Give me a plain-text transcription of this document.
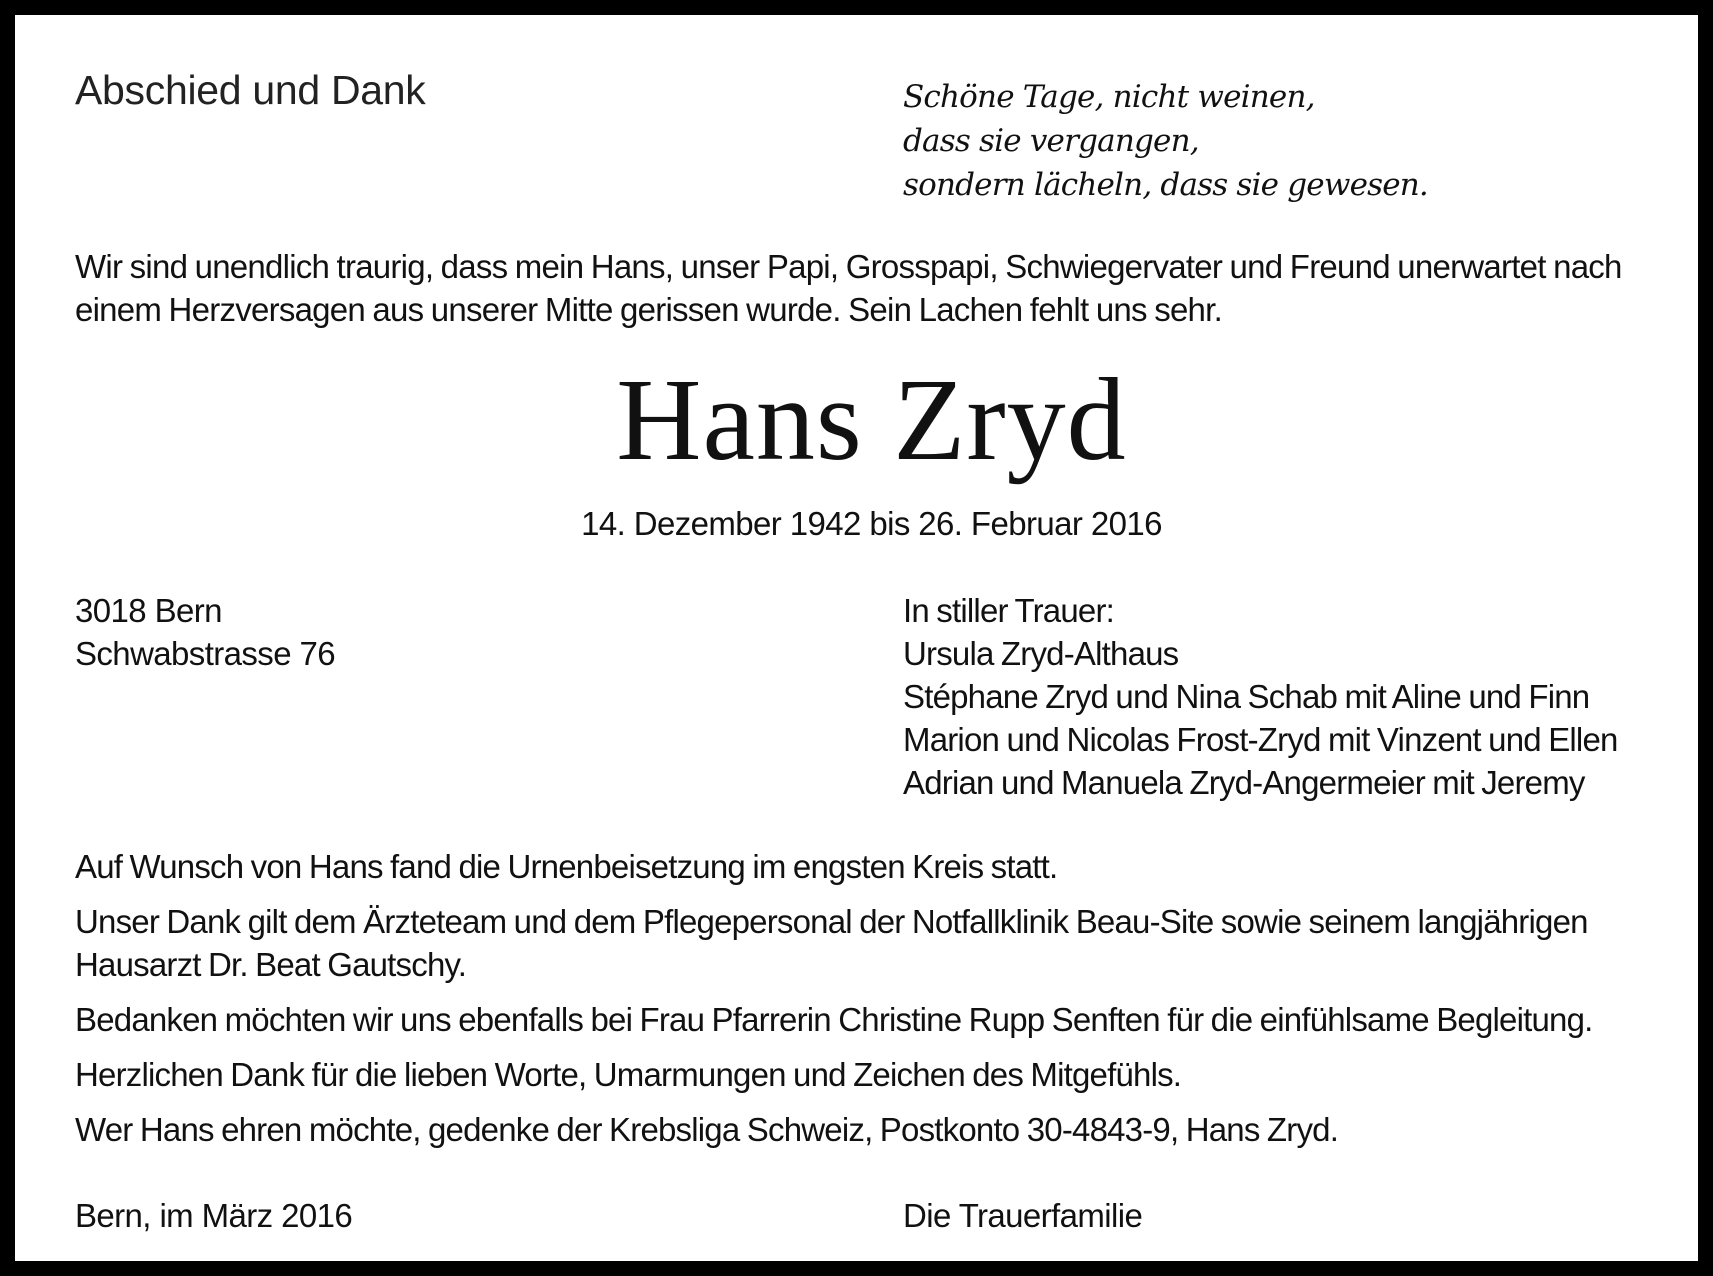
Abschied und Dank	Schöne Tage, nicht weinen,
dass sie vergangen,
sondern lächeln, dass sie gewesen.
Wir sind unendlich traurig, dass mein Hans, unser Papi, Grosspapi, Schwiegervater und Freund unerwartet nach
einem Herzversagen aus unserer Mitte gerissen wurde. Sein Lachen fehlt uns sehr.
Hans Zryd
14. Dezember 1942 bis 26. Februar 2016
3018 Bern
Schwabstrasse 76
In stiller Trauer:
Ursula Zryd-Althaus
Stéphane Zryd und Nina Schab mit Aline und Finn
Marion und Nicolas Frost-Zryd mit Vinzent und Ellen
Adrian und Manuela Zryd-Angermeier mit Jeremy

Auf Wunsch von Hans fand die Urnenbeisetzung im engsten Kreis statt.

Unser Dank gilt dem Ärzteteam und dem Pflegepersonal der Notfallklinik Beau-Site sowie seinem langjährigen
Hausarzt Dr. Beat Gautschy.

Bedanken möchten wir uns ebenfalls bei Frau Pfarrerin Christine Rupp Senften für die einfühlsame Begleitung.

Herzlichen Dank für die lieben Worte, Umarmungen und Zeichen des Mitgefühls.

Wer Hans ehren möchte, gedenke der Krebsliga Schweiz, Postkonto 30-4843-9, Hans Zryd.

Bern, im März 2016	Die Trauerfamilie
